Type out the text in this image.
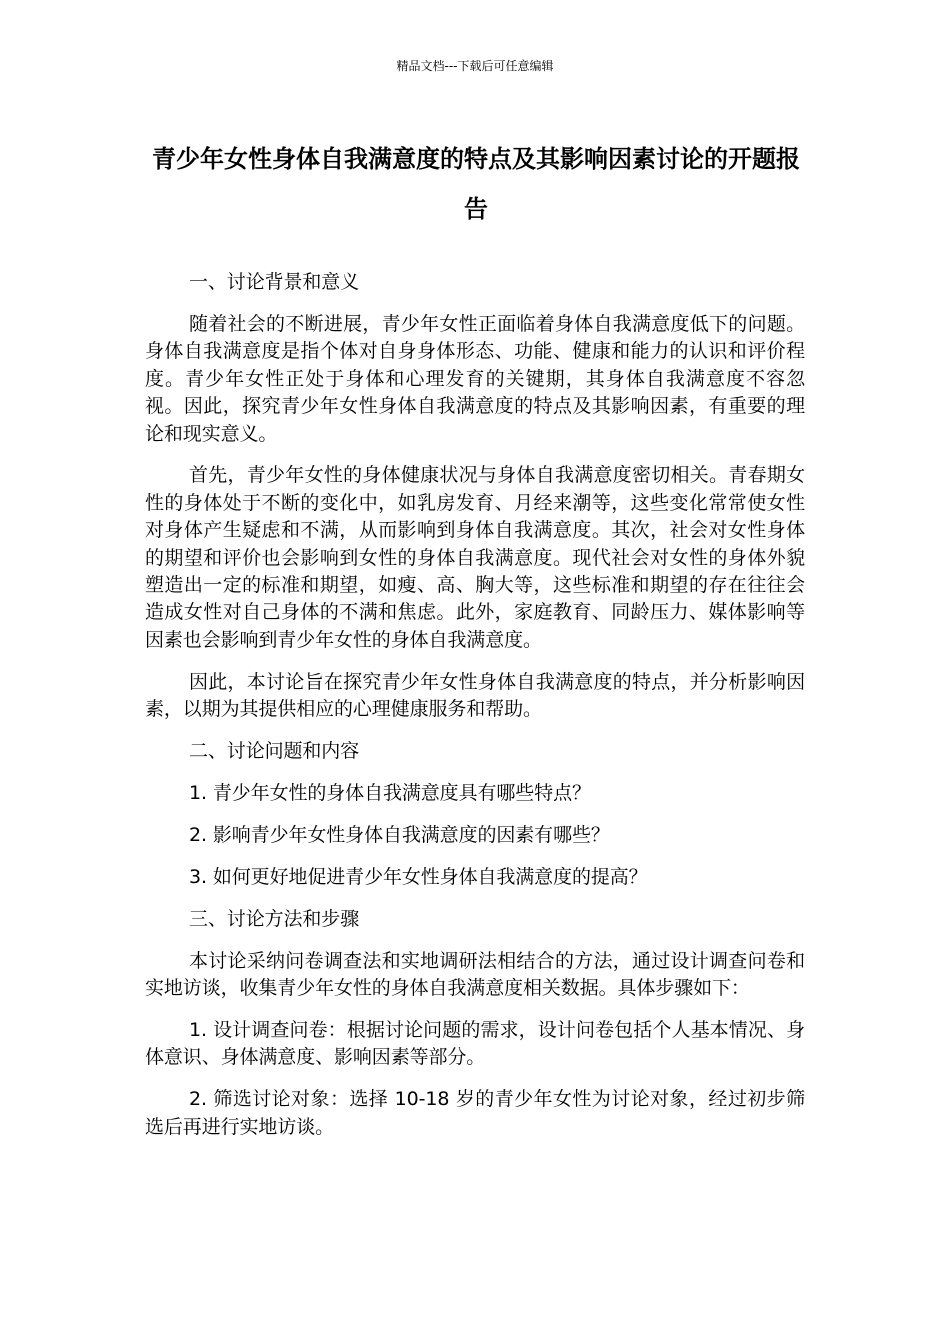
精品文档---下载后可任意编辑
青少年女性身体自我满意度的特点及其影响因素讨论的开题报告

一、讨论背景和意义

随着社会的不断进展，青少年女性正面临着身体自我满意度低下的问题。身体自我满意度是指个体对自身身体形态、功能、健康和能力的认识和评价程度。青少年女性正处于身体和心理发育的关键期，其身体自我满意度不容忽视。因此，探究青少年女性身体自我满意度的特点及其影响因素，有重要的理论和现实意义。

首先，青少年女性的身体健康状况与身体自我满意度密切相关。青春期女性的身体处于不断的变化中，如乳房发育、月经来潮等，这些变化常常使女性对身体产生疑虑和不满，从而影响到身体自我满意度。其次，社会对女性身体的期望和评价也会影响到女性的身体自我满意度。现代社会对女性的身体外貌塑造出一定的标准和期望，如瘦、高、胸大等，这些标准和期望的存在往往会造成女性对自己身体的不满和焦虑。此外，家庭教育、同龄压力、媒体影响等因素也会影响到青少年女性的身体自我满意度。

因此，本讨论旨在探究青少年女性身体自我满意度的特点，并分析影响因素，以期为其提供相应的心理健康服务和帮助。

二、讨论问题和内容

1. 青少年女性的身体自我满意度具有哪些特点？

2. 影响青少年女性身体自我满意度的因素有哪些？

3. 如何更好地促进青少年女性身体自我满意度的提高？

三、讨论方法和步骤

本讨论采纳问卷调查法和实地调研法相结合的方法，通过设计调查问卷和实地访谈，收集青少年女性的身体自我满意度相关数据。具体步骤如下：

1. 设计调查问卷：根据讨论问题的需求，设计问卷包括个人基本情况、身体意识、身体满意度、影响因素等部分。

2. 筛选讨论对象：选择 10-18 岁的青少年女性为讨论对象，经过初步筛选后再进行实地访谈。
